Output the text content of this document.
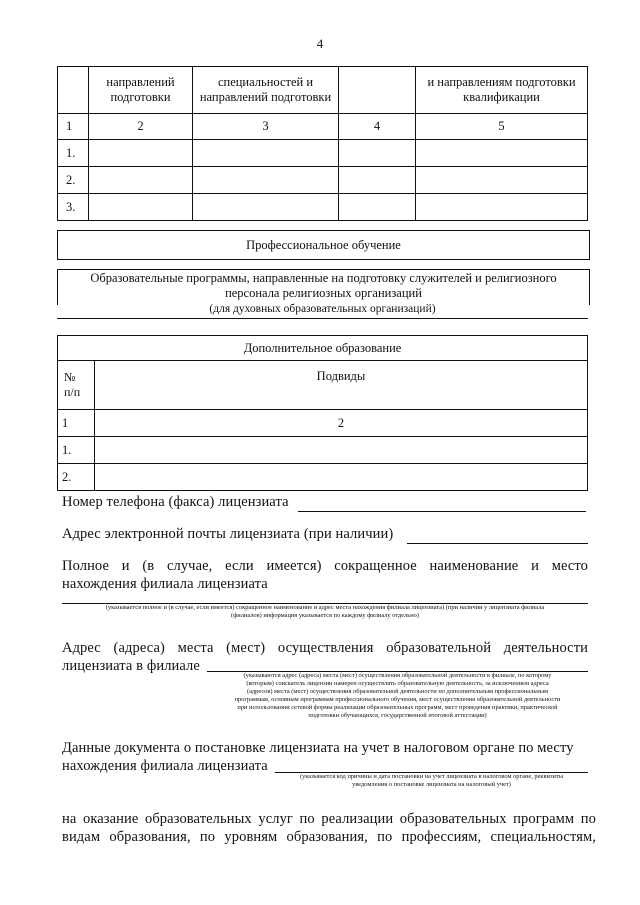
4
	направлений подготовки	специальностей и направлений подготовки		и направлениям подготовки квалификации
1	2	3	4	5
1.				
2.				
3.				
Профессиональное обучение
Образовательные программы, направленные на подготовку служителей и религиозного
персонала религиозных организаций
(для духовных образовательных организаций)
Дополнительное образование	

№
п/п	Подвиды
1	2
1.	
2.	
Номер телефона (факса) лицензиата
Адрес электронной почты лицензиата (при наличии)
Полное и (в случае, если имеется) сокращенное наименование и место
нахождения филиала лицензиата
(указывается полное и (в случае, если имеется) сокращенное наименование и адрес места нахождения филиала лицензиата) (при наличии у лицензиата филиала
(филиалов) информация указывается по каждому филиалу отдельно)
Адрес (адреса) места (мест) осуществления образовательной деятельности
лицензиата в филиале
(указываются адрес (адреса) места (мест) осуществления образовательной деятельности в филиале, по которому
(которым) соискатель лицензии намерен осуществлять образовательную деятельность, за исключением адреса
(адресов) места (мест) осуществления образовательной деятельности по дополнительным профессиональным
программам, основным программам профессионального обучения, мест осуществления образовательной деятельности
при использовании сетевой формы реализации образовательных программ, мест проведения практики, практической
подготовки обучающихся, государственной итоговой аттестации)
Данные документа о постановке лицензиата на учет в налоговом органе по месту
нахождения филиала лицензиата
(указывается код причины и дата постановки на учет лицензиата в налоговом органе, реквизиты
уведомления о постановке лицензиата на налоговый учет)
на оказание образовательных услуг по реализации образовательных программ по
видам образования, по уровням образования, по профессиям, специальностям,
